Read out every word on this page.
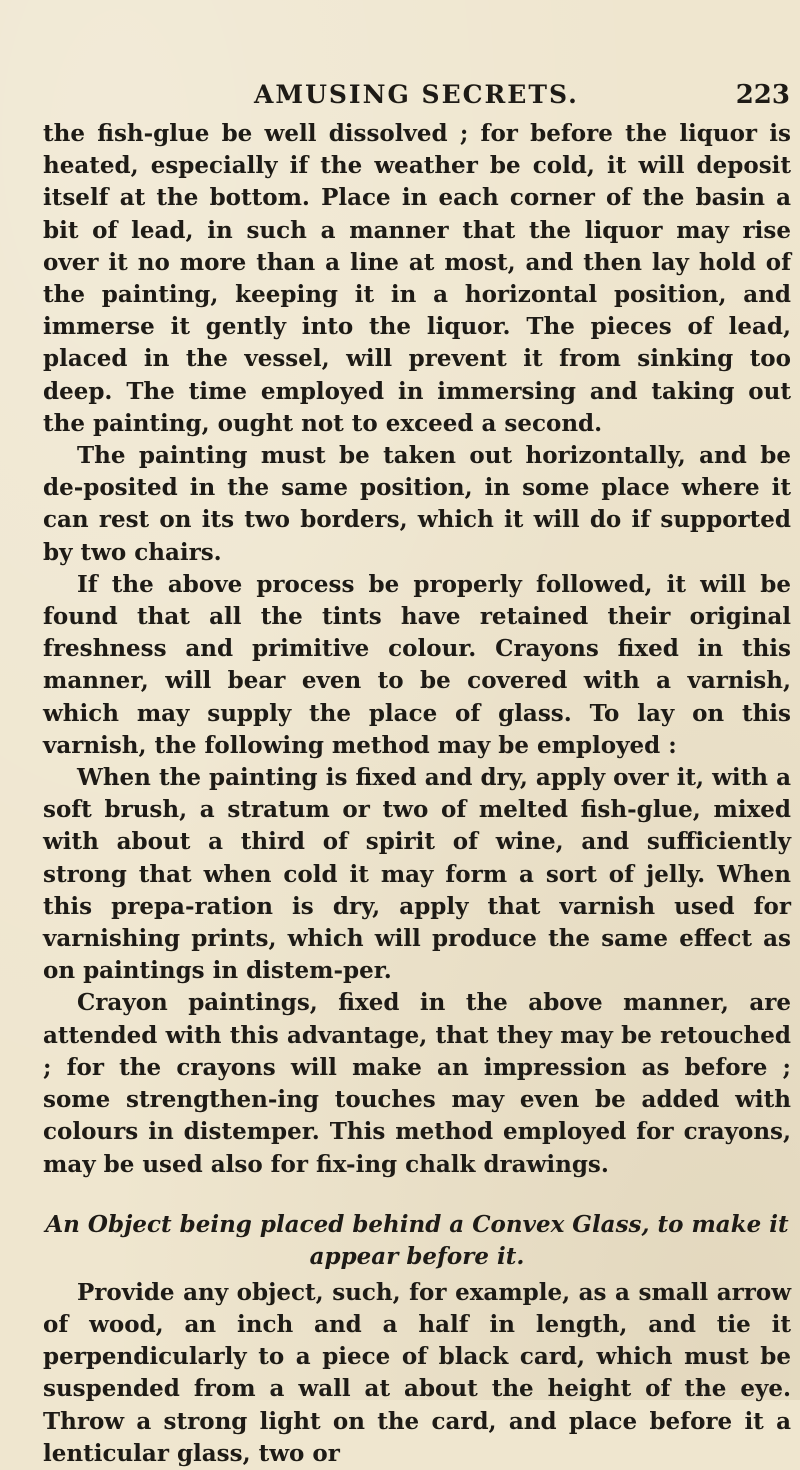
AMUSING SECRETS.	223

the fish-glue be well dissolved ; for before the liquor is heated, especially if the weather be cold, it will deposit itself at the bottom. Place in each corner of the basin a bit of lead, in such a manner that the liquor may rise over it no more than a line at most, and then lay hold of the painting, keeping it in a horizontal position, and immerse it gently into the liquor. The pieces of lead, placed in the vessel, will prevent it from sinking too deep. The time employed in immersing and taking out the painting, ought not to exceed a second.

The painting must be taken out horizontally, and be de-posited in the same position, in some place where it can rest on its two borders, which it will do if supported by two chairs.

If the above process be properly followed, it will be found that all the tints have retained their original freshness and primitive colour. Crayons fixed in this manner, will bear even to be covered with a varnish, which may supply the place of glass. To lay on this varnish, the following method may be employed :

When the painting is fixed and dry, apply over it, with a soft brush, a stratum or two of melted fish-glue, mixed with about a third of spirit of wine, and sufficiently strong that when cold it may form a sort of jelly. When this prepa-ration is dry, apply that varnish used for varnishing prints, which will produce the same effect as on paintings in distem-per.

Crayon paintings, fixed in the above manner, are attended with this advantage, that they may be retouched ; for the crayons will make an impression as before ; some strengthen-ing touches may even be added with colours in distemper. This method employed for crayons, may be used also for fix-ing chalk drawings.

An Object being placed behind a Convex Glass, to make it
appear before it.

Provide any object, such, for example, as a small arrow of wood, an inch and a half in length, and tie it perpendicularly to a piece of black card, which must be suspended from a wall at about the height of the eye. Throw a strong light on the card, and place before it a lenticular glass, two or
